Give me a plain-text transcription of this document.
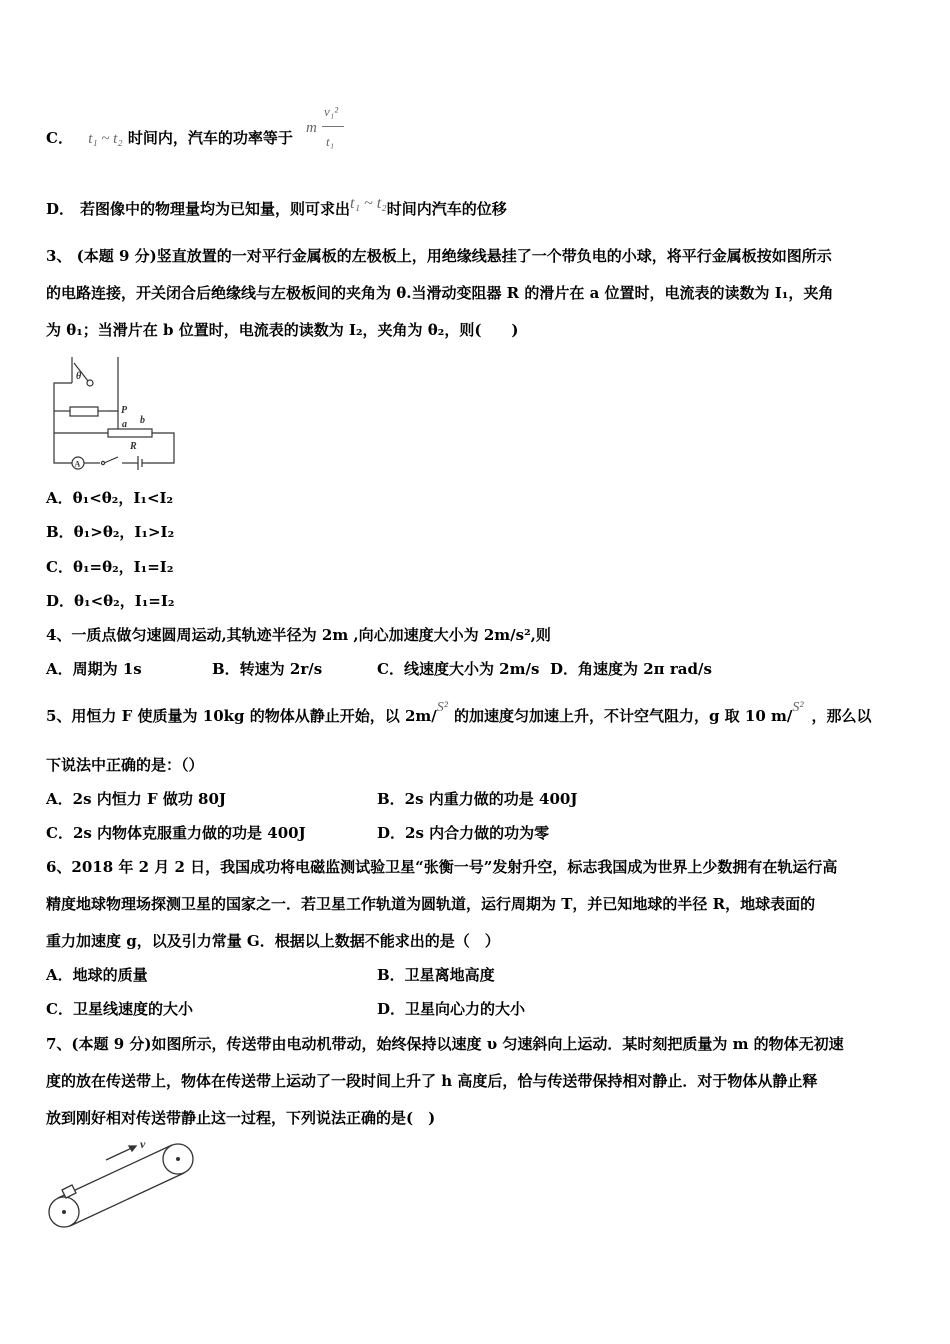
C． t₁ ~ t₂ 时间内，汽车的功率等于
m
v₁²
t₁
D． 若图像中的物理量均为已知量，则可求出t₁ ~ t₂时间内汽车的位移
3、 (本题 9 分)竖直放置的一对平行金属板的左极板上，用绝缘线悬挂了一个带负电的小球，将平行金属板按如图所示
的电路连接，开关闭合后绝缘线与左极板间的夹角为 θ.当滑动变阻器 R 的滑片在 a 位置时，电流表的读数为 I₁，夹角
为 θ₁；当滑片在 b 位置时，电流表的读数为 I₂，夹角为 θ₂，则(　　)
θ
P
a b
R
A
A．θ₁<θ₂，I₁<I₂
B．θ₁>θ₂，I₁>I₂
C．θ₁=θ₂，I₁=I₂
D．θ₁<θ₂，I₁=I₂
4、一质点做匀速圆周运动,其轨迹半径为 2m ,向心加速度大小为 2m/s²,则
A．周期为 1s	B．转速为 2r/s	C．线速度大小为 2m/s D．角速度为 2π rad/s
5、用恒力 F 使质量为 10kg 的物体从静止开始，以 2m/S² 的加速度匀加速上升，不计空气阻力，g 取 10 m/S² ，那么以
下说法中正确的是：（）
A．2s 内恒力 F 做功 80J	B．2s 内重力做的功是 400J
C．2s 内物体克服重力做的功是 400J	D．2s 内合力做的功为零
6、2018 年 2 月 2 日，我国成功将电磁监测试验卫星“张衡一号”发射升空，标志我国成为世界上少数拥有在轨运行高
精度地球物理场探测卫星的国家之一．若卫星工作轨道为圆轨道，运行周期为 T，并已知地球的半径 R，地球表面的
重力加速度 g，以及引力常量 G．根据以上数据不能求出的是（　）
A．地球的质量	B．卫星离地高度
C．卫星线速度的大小	D．卫星向心力的大小
7、(本题 9 分)如图所示，传送带由电动机带动，始终保持以速度 υ 匀速斜向上运动．某时刻把质量为 m 的物体无初速
度的放在传送带上，物体在传送带上运动了一段时间上升了 h 高度后，恰与传送带保持相对静止．对于物体从静止释
放到刚好相对传送带静止这一过程，下列说法正确的是(　)
v
